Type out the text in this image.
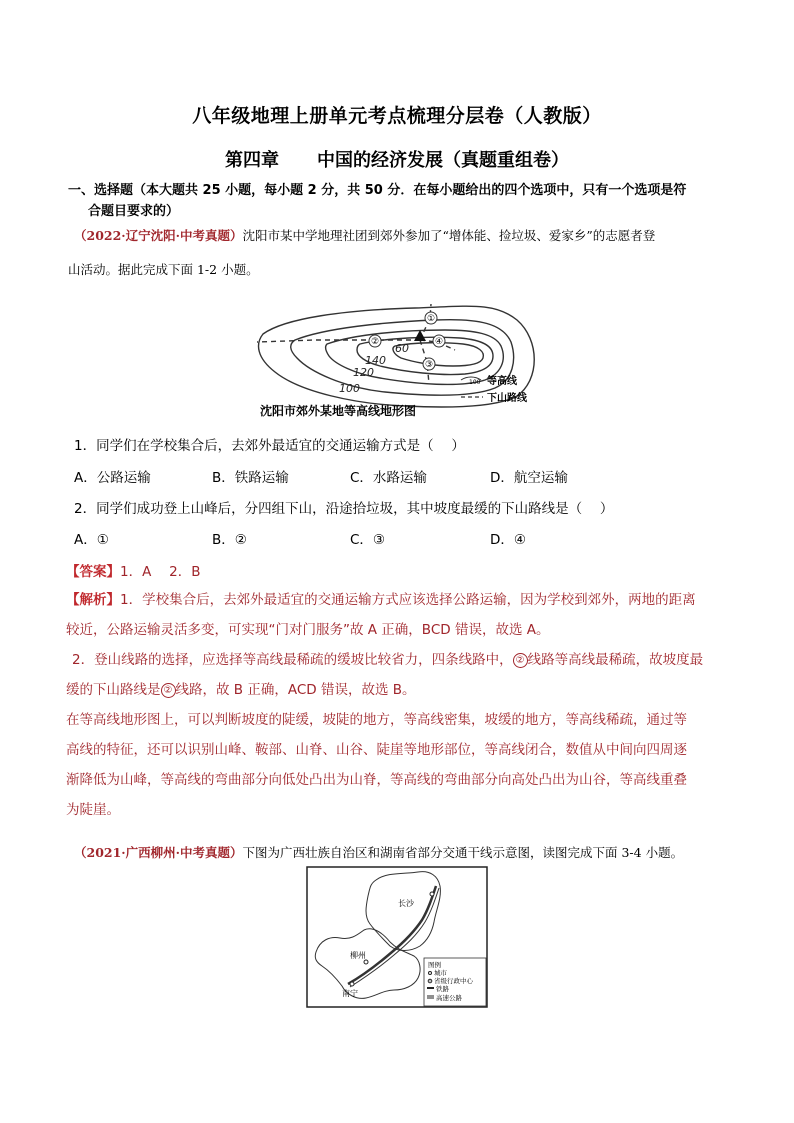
八年级地理上册单元考点梳理分层卷（人教版）
第四章 中国的经济发展（真题重组卷）
一、选择题（本大题共 25 小题，每小题 2 分，共 50 分．在每小题给出的四个选项中，只有一个选项是符
合题目要求的）
（2022·辽宁沈阳·中考真题）沈阳市某中学地理社团到郊外参加了“增体能、捡垃圾、爱家乡”的志愿者登
山活动。据此完成下面 1-2 小题。
①
②
③
④
60
140
120
100	100 等高线
下山路线
沈阳市郊外某地等高线地形图
1．同学们在学校集合后，去郊外最适宜的交通运输方式是（　 ）
A．公路运输	B．铁路运输	C．水路运输	D．航空运输
2．同学们成功登上山峰后，分四组下山，沿途拾垃圾，其中坡度最缓的下山路线是（　 ）
A．①	B．②	C．③	D．④
【答案】1．A　 2．B
【解析】1．学校集合后，去郊外最适宜的交通运输方式应该选择公路运输，因为学校到郊外，两地的距离
较近，公路运输灵活多变，可实现“门对门服务”故 A 正确，BCD 错误，故选 A。
2．登山线路的选择，应选择等高线最稀疏的缓坡比较省力，四条线路中， ② 线路等高线最稀疏，故坡度最
缓的下山路线是 ② 线路，故 B 正确，ACD 错误，故选 B。
在等高线地形图上，可以判断坡度的陡缓，坡陡的地方，等高线密集，坡缓的地方，等高线稀疏，通过等
高线的特征，还可以识别山峰、鞍部、山脊、山谷、陡崖等地形部位，等高线闭合，数值从中间向四周逐
渐降低为山峰，等高线的弯曲部分向低处凸出为山脊，等高线的弯曲部分向高处凸出为山谷，等高线重叠
为陡崖。
（2021·广西柳州·中考真题）下图为广西壮族自治区和湖南省部分交通干线示意图，读图完成下面 3-4 小题。
长沙
柳州
南宁
图例
城市
省级行政中心
铁路
高速公路
